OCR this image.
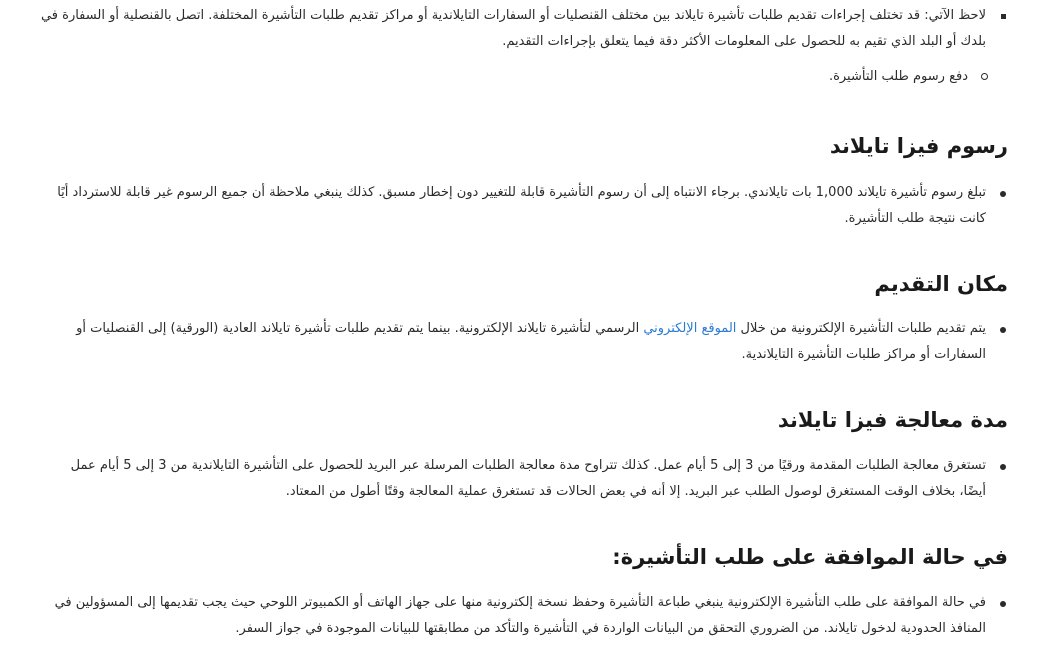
لاحظ الآتي: قد تختلف إجراءات تقديم طلبات تأشيرة تايلاند بين مختلف القنصليات أو السفارات التايلاندية أو مراكز تقديم طلبات التأشيرة المختلفة. اتصل بالقنصلية أو السفارة في بلدك أو البلد الذي تقيم به للحصول على المعلومات الأكثر دقة فيما يتعلق بإجراءات التقديم.
دفع رسوم طلب التأشيرة.
رسوم فيزا تايلاند
تبلغ رسوم تأشيرة تايلاند 1,000 بات تايلاندي. برجاء الانتباه إلى أن رسوم التأشيرة قابلة للتغيير دون إخطار مسبق. كذلك ينبغي ملاحظة أن جميع الرسوم غير قابلة للاسترداد أيًا كانت نتيجة طلب التأشيرة.
مكان التقديم
يتم تقديم طلبات التأشيرة الإلكترونية من خلال الموقع الإلكتروني الرسمي لتأشيرة تايلاند الإلكترونية. بينما يتم تقديم طلبات تأشيرة تايلاند العادية (الورقية) إلى القنصليات أو السفارات أو مراكز طلبات التأشيرة التايلاندية.
مدة معالجة فيزا تايلاند
تستغرق معالجة الطلبات المقدمة ورقيًا من 3 إلى 5 أيام عمل. كذلك تتراوح مدة معالجة الطلبات المرسلة عبر البريد للحصول على التأشيرة التايلاندية من 3 إلى 5 أيام عمل أيضًا، بخلاف الوقت المستغرق لوصول الطلب عبر البريد. إلا أنه في بعض الحالات قد تستغرق عملية المعالجة وقتًا أطول من المعتاد.
في حالة الموافقة على طلب التأشيرة:
في حالة الموافقة على طلب التأشيرة الإلكترونية ينبغي طباعة التأشيرة وحفظ نسخة إلكترونية منها على جهاز الهاتف أو الكمبيوتر اللوحي حيث يجب تقديمها إلى المسؤولين في المنافذ الحدودية لدخول تايلاند. من الضروري التحقق من البيانات الواردة في التأشيرة والتأكد من مطابقتها للبيانات الموجودة في جواز السفر.
